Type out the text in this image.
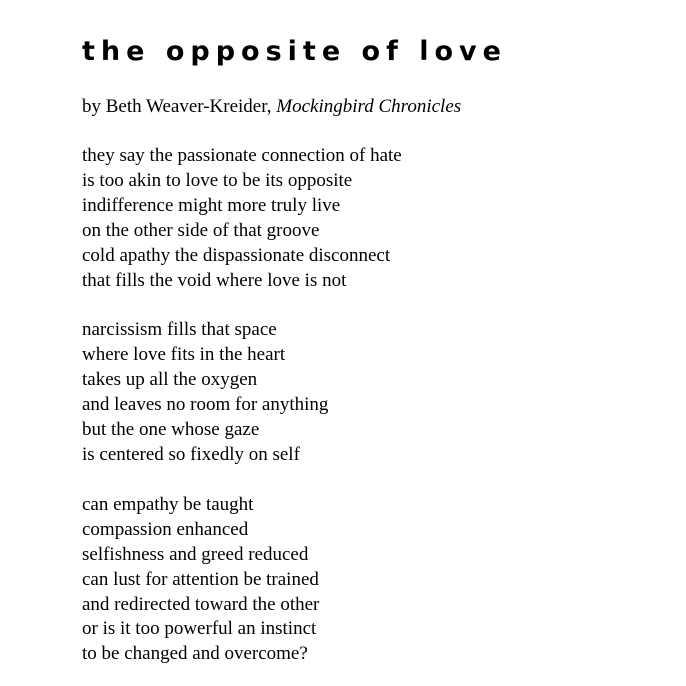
the opposite of love
by Beth Weaver-Kreider, Mockingbird Chronicles
they say the passionate connection of hate
is too akin to love to be its opposite
indifference might more truly live
on the other side of that groove
cold apathy the dispassionate disconnect
that fills the void where love is not
narcissism fills that space
where love fits in the heart
takes up all the oxygen
and leaves no room for anything
but the one whose gaze
is centered so fixedly on self
can empathy be taught
compassion enhanced
selfishness and greed reduced
can lust for attention be trained
and redirected toward the other
or is it too powerful an instinct
to be changed and overcome?
